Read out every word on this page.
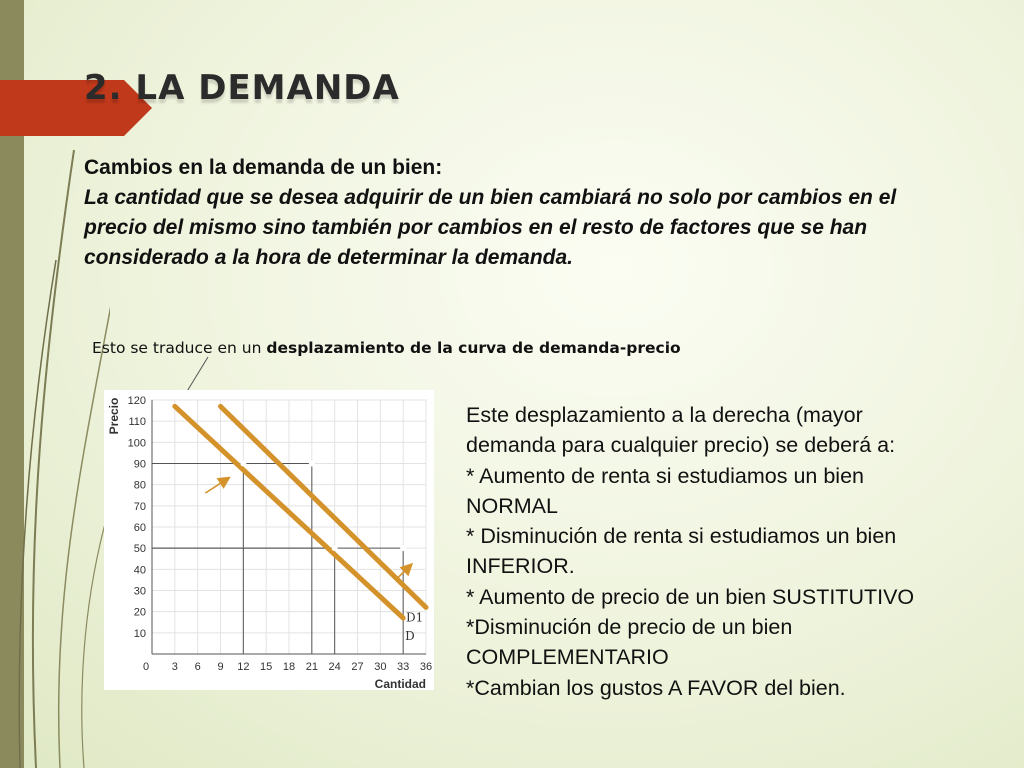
2. LA DEMANDA

Cambios en la demanda de un bien:

La cantidad que se desea adquirir de un bien cambiará no solo por cambios en el precio del mismo sino también por cambios en el resto de factores que se han considerado a la hora de determinar la demanda.

Esto se traduce en un desplazamiento de la curva de demanda-precio

10
20
30
40
50
60
70
80
90
100
110
120
3 6 9 12 15 18 21 24 27 30 33 36
0
Precio
Cantidad
D
D1
Este desplazamiento a la derecha (mayor
demanda para cualquier precio) se deberá a:
* Aumento de renta si estudiamos un bien
NORMAL
* Disminución de renta si estudiamos un bien
INFERIOR.
* Aumento de precio de un bien SUSTITUTIVO
*Disminución de precio de un bien
COMPLEMENTARIO
*Cambian los gustos A FAVOR del bien.
